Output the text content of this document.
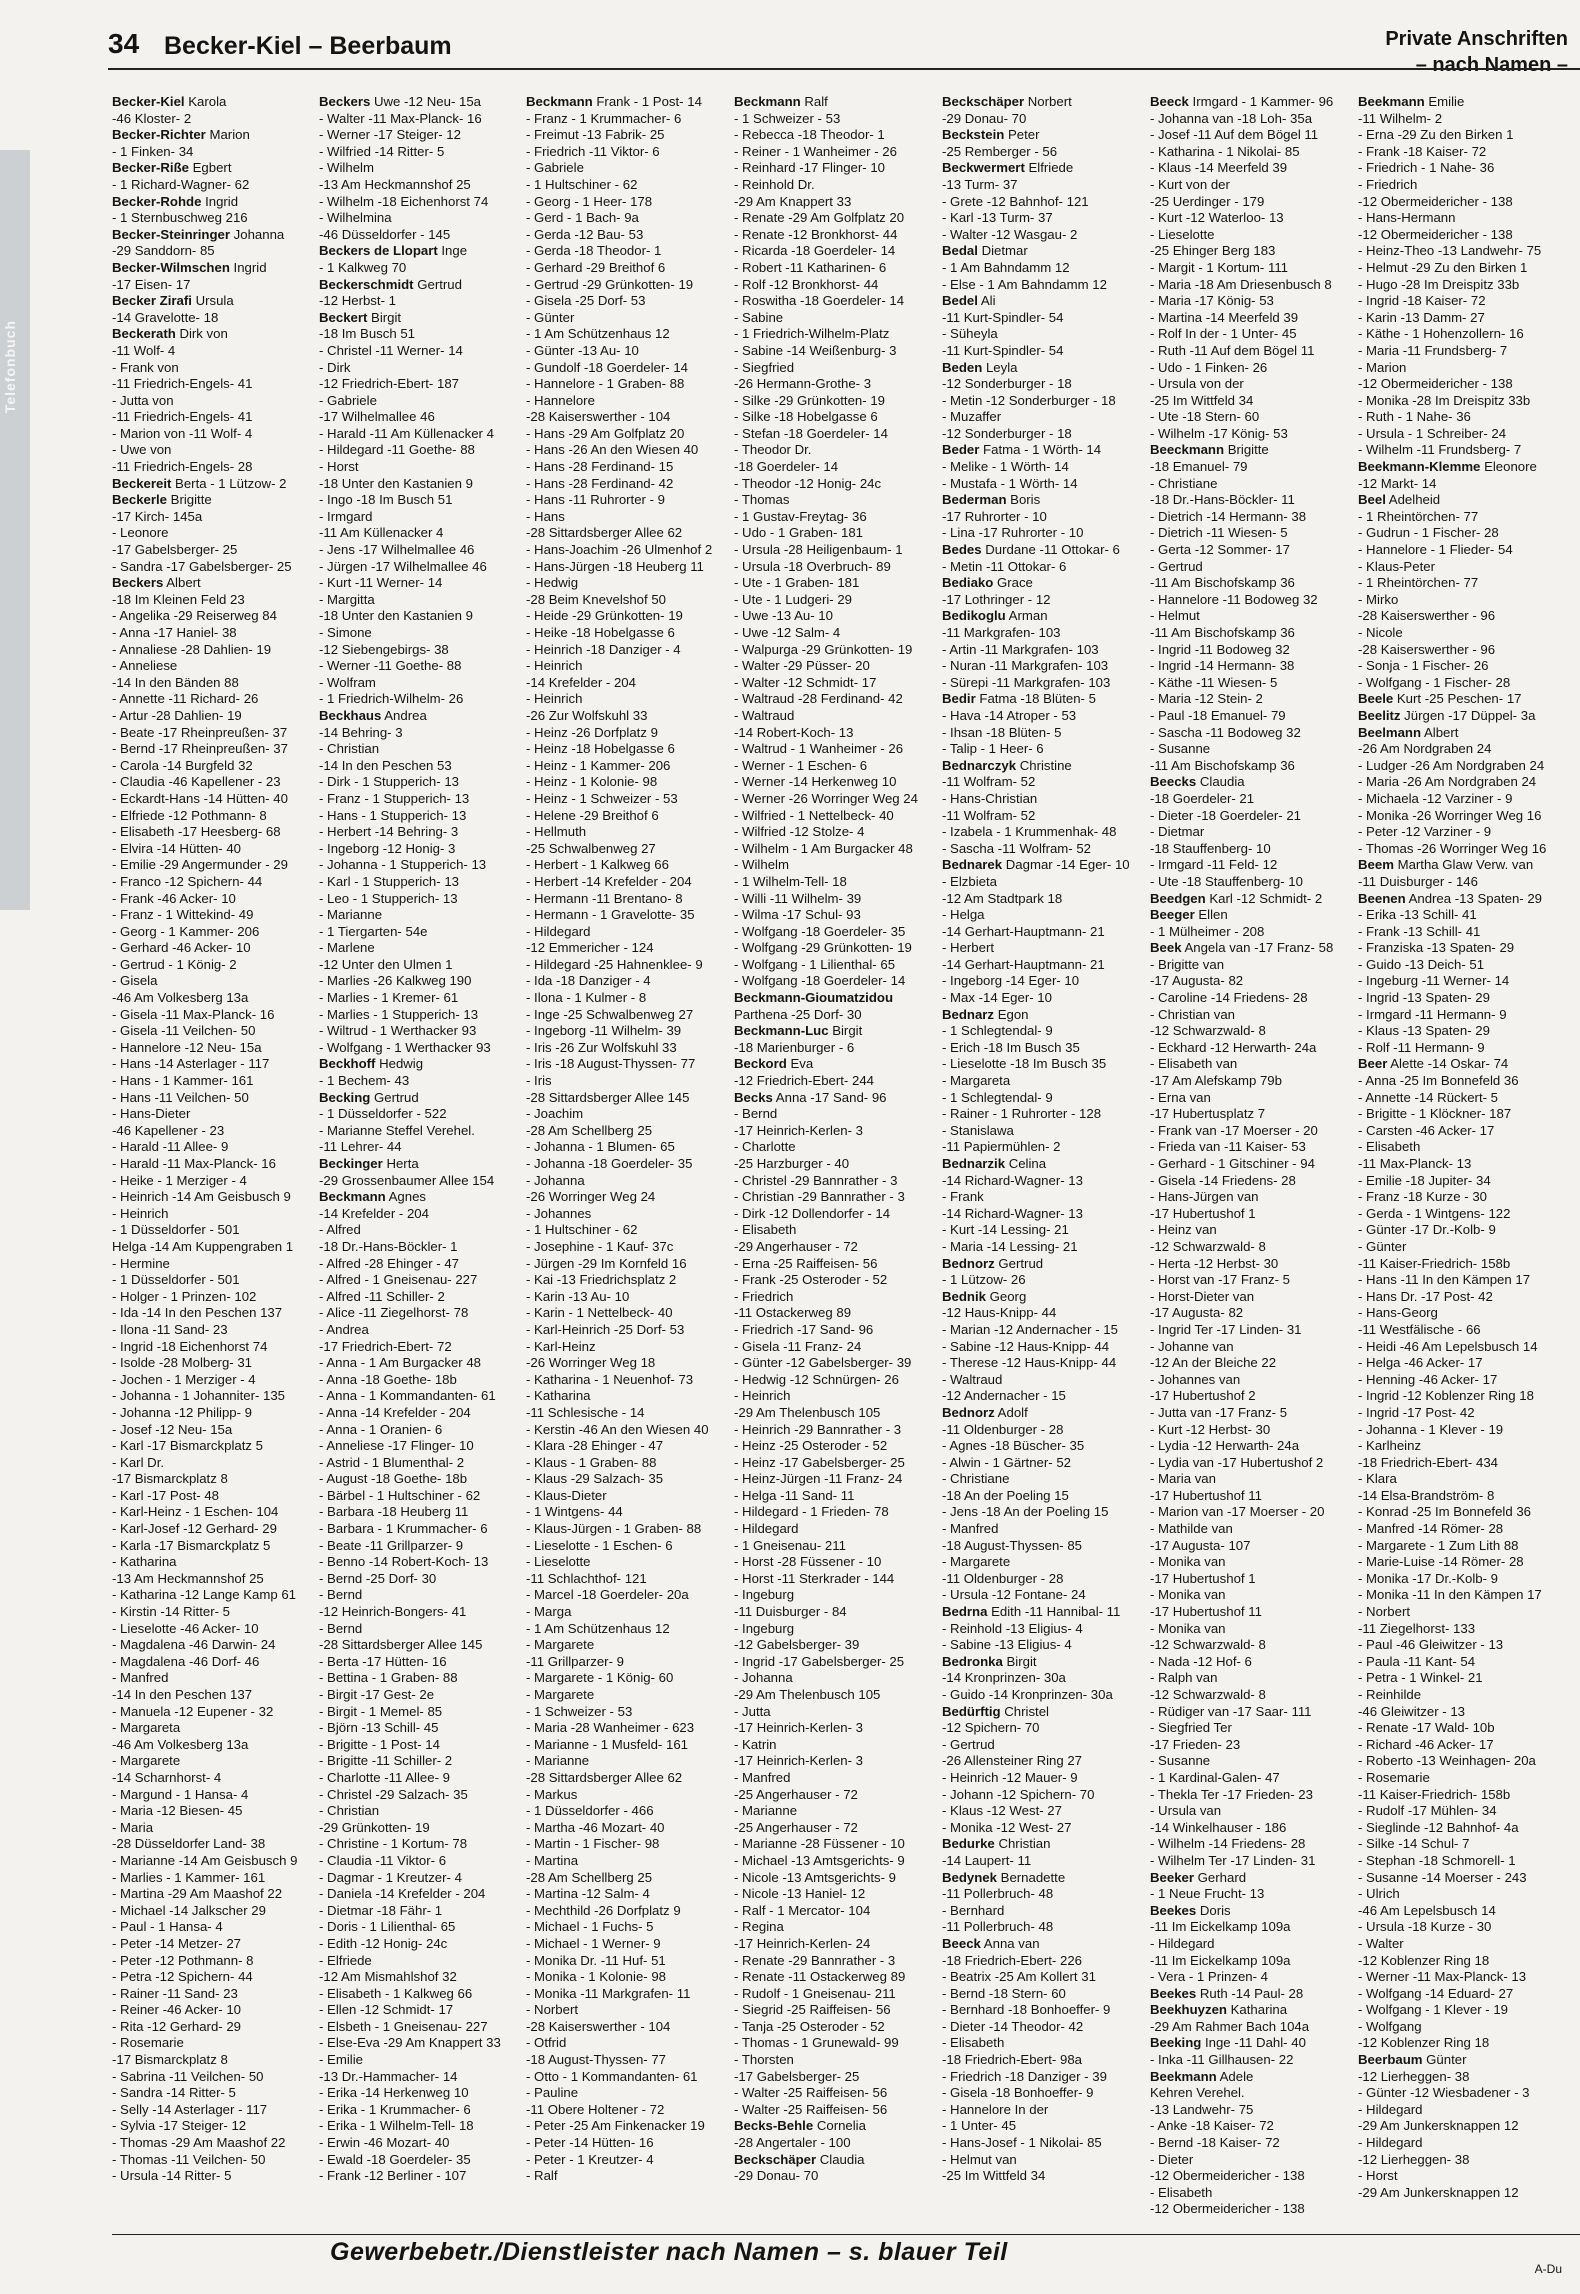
Telefonbuch
34 Becker-Kiel – Beerbaum	Private Anschriften
– nach Namen –
Becker-Kiel Karola
-46 Kloster- 2
Becker-Richter Marion
- 1 Finken- 34
Becker-Riße Egbert
- 1 Richard-Wagner- 62
Becker-Rohde Ingrid
- 1 Sternbuschweg 216
Becker-Steinringer Johanna
-29 Sanddorn- 85
Becker-Wilmschen Ingrid
-17 Eisen- 17
Becker Zirafi Ursula
-14 Gravelotte- 18
Beckerath Dirk von
-11 Wolf- 4
- Frank von
-11 Friedrich-Engels- 41
- Jutta von
-11 Friedrich-Engels- 41
- Marion von -11 Wolf- 4
- Uwe von
-11 Friedrich-Engels- 28
Beckereit Berta - 1 Lützow- 2
Beckerle Brigitte
-17 Kirch- 145a
- Leonore
-17 Gabelsberger- 25
- Sandra -17 Gabelsberger- 25
Beckers Albert
-18 Im Kleinen Feld 23
- Angelika -29 Reiserweg 84
- Anna -17 Haniel- 38
- Annaliese -28 Dahlien- 19
- Anneliese
-14 In den Bänden 88
- Annette -11 Richard- 26
- Artur -28 Dahlien- 19
- Beate -17 Rheinpreußen- 37
- Bernd -17 Rheinpreußen- 37
- Carola -14 Burgfeld 32
- Claudia -46 Kapellener - 23
- Eckardt-Hans -14 Hütten- 40
- Elfriede -12 Pothmann- 8
- Elisabeth -17 Heesberg- 68
- Elvira -14 Hütten- 40
- Emilie -29 Angermunder - 29
- Franco -12 Spichern- 44
- Frank -46 Acker- 10
- Franz - 1 Wittekind- 49
- Georg - 1 Kammer- 206
- Gerhard -46 Acker- 10
- Gertrud - 1 König- 2
- Gisela
-46 Am Volkesberg 13a
- Gisela -11 Max-Planck- 16
- Gisela -11 Veilchen- 50
- Hannelore -12 Neu- 15a
- Hans -14 Asterlager - 117
- Hans - 1 Kammer- 161
- Hans -11 Veilchen- 50
- Hans-Dieter
-46 Kapellener - 23
- Harald -11 Allee- 9
- Harald -11 Max-Planck- 16
- Heike - 1 Merziger - 4
- Heinrich -14 Am Geisbusch 9
- Heinrich
- 1 Düsseldorfer - 501
Helga -14 Am Kuppengraben 1
- Hermine
- 1 Düsseldorfer - 501
- Holger - 1 Prinzen- 102
- Ida -14 In den Peschen 137
- Ilona -11 Sand- 23
- Ingrid -18 Eichenhorst 74
- Isolde -28 Molberg- 31
- Jochen - 1 Merziger - 4
- Johanna - 1 Johanniter- 135
- Johanna -12 Philipp- 9
- Josef -12 Neu- 15a
- Karl -17 Bismarckplatz 5
- Karl Dr.
-17 Bismarckplatz 8
- Karl -17 Post- 48
- Karl-Heinz - 1 Eschen- 104
- Karl-Josef -12 Gerhard- 29
- Karla -17 Bismarckplatz 5
- Katharina
-13 Am Heckmannshof 25
- Katharina -12 Lange Kamp 61
- Kirstin -14 Ritter- 5
- Lieselotte -46 Acker- 10
- Magdalena -46 Darwin- 24
- Magdalena -46 Dorf- 46
- Manfred
-14 In den Peschen 137
- Manuela -12 Eupener - 32
- Margareta
-46 Am Volkesberg 13a
- Margarete
-14 Scharnhorst- 4
- Margund - 1 Hansa- 4
- Maria -12 Biesen- 45
- Maria
-28 Düsseldorfer Land- 38
- Marianne -14 Am Geisbusch 9
- Marlies - 1 Kammer- 161
- Martina -29 Am Maashof 22
- Michael -14 Jalkscher 29
- Paul - 1 Hansa- 4
- Peter -14 Metzer- 27
- Peter -12 Pothmann- 8
- Petra -12 Spichern- 44
- Rainer -11 Sand- 23
- Reiner -46 Acker- 10
- Rita -12 Gerhard- 29
- Rosemarie
-17 Bismarckplatz 8
- Sabrina -11 Veilchen- 50
- Sandra -14 Ritter- 5
- Selly -14 Asterlager - 117
- Sylvia -17 Steiger- 12
- Thomas -29 Am Maashof 22
- Thomas -11 Veilchen- 50
- Ursula -14 Ritter- 5
Beckers Uwe -12 Neu- 15a
- Walter -11 Max-Planck- 16
- Werner -17 Steiger- 12
- Wilfried -14 Ritter- 5
- Wilhelm
-13 Am Heckmannshof 25
- Wilhelm -18 Eichenhorst 74
- Wilhelmina
-46 Düsseldorfer - 145
Beckers de Llopart Inge
- 1 Kalkweg 70
Beckerschmidt Gertrud
-12 Herbst- 1
Beckert Birgit
-18 Im Busch 51
- Christel -11 Werner- 14
- Dirk
-12 Friedrich-Ebert- 187
- Gabriele
-17 Wilhelmallee 46
- Harald -11 Am Küllenacker 4
- Hildegard -11 Goethe- 88
- Horst
-18 Unter den Kastanien 9
- Ingo -18 Im Busch 51
- Irmgard
-11 Am Küllenacker 4
- Jens -17 Wilhelmallee 46
- Jürgen -17 Wilhelmallee 46
- Kurt -11 Werner- 14
- Margitta
-18 Unter den Kastanien 9
- Simone
-12 Siebengebirgs- 38
- Werner -11 Goethe- 88
- Wolfram
- 1 Friedrich-Wilhelm- 26
Beckhaus Andrea
-14 Behring- 3
- Christian
-14 In den Peschen 53
- Dirk - 1 Stupperich- 13
- Franz - 1 Stupperich- 13
- Hans - 1 Stupperich- 13
- Herbert -14 Behring- 3
- Ingeborg -12 Honig- 3
- Johanna - 1 Stupperich- 13
- Karl - 1 Stupperich- 13
- Leo - 1 Stupperich- 13
- Marianne
- 1 Tiergarten- 54e
- Marlene
-12 Unter den Ulmen 1
- Marlies -26 Kalkweg 190
- Marlies - 1 Kremer- 61
- Marlies - 1 Stupperich- 13
- Wiltrud - 1 Werthacker 93
- Wolfgang - 1 Werthacker 93
Beckhoff Hedwig
- 1 Bechem- 43
Becking Gertrud
- 1 Düsseldorfer - 522
- Marianne Steffel Verehel.
-11 Lehrer- 44
Beckinger Herta
-29 Grossenbaumer Allee 154
Beckmann Agnes
-14 Krefelder - 204
- Alfred
-18 Dr.-Hans-Böckler- 1
- Alfred -28 Ehinger - 47
- Alfred - 1 Gneisenau- 227
- Alfred -11 Schiller- 2
- Alice -11 Ziegelhorst- 78
- Andrea
-17 Friedrich-Ebert- 72
- Anna - 1 Am Burgacker 48
- Anna -18 Goethe- 18b
- Anna - 1 Kommandanten- 61
- Anna -14 Krefelder - 204
- Anna - 1 Oranien- 6
- Anneliese -17 Flinger- 10
- Astrid - 1 Blumenthal- 2
- August -18 Goethe- 18b
- Bärbel - 1 Hultschiner - 62
- Barbara -18 Heuberg 11
- Barbara - 1 Krummacher- 6
- Beate -11 Grillparzer- 9
- Benno -14 Robert-Koch- 13
- Bernd -25 Dorf- 30
- Bernd
-12 Heinrich-Bongers- 41
- Bernd
-28 Sittardsberger Allee 145
- Berta -17 Hütten- 16
- Bettina - 1 Graben- 88
- Birgit -17 Gest- 2e
- Birgit - 1 Memel- 85
- Björn -13 Schill- 45
- Brigitte - 1 Post- 14
- Brigitte -11 Schiller- 2
- Charlotte -11 Allee- 9
- Christel -29 Salzach- 35
- Christian
-29 Grünkotten- 19
- Christine - 1 Kortum- 78
- Claudia -11 Viktor- 6
- Dagmar - 1 Kreutzer- 4
- Daniela -14 Krefelder - 204
- Dietmar -18 Fähr- 1
- Doris - 1 Lilienthal- 65
- Edith -12 Honig- 24c
- Elfriede
-12 Am Mismahlshof 32
- Elisabeth - 1 Kalkweg 66
- Ellen -12 Schmidt- 17
- Elsbeth - 1 Gneisenau- 227
- Else-Eva -29 Am Knappert 33
- Emilie
-13 Dr.-Hammacher- 14
- Erika -14 Herkenweg 10
- Erika - 1 Krummacher- 6
- Erika - 1 Wilhelm-Tell- 18
- Erwin -46 Mozart- 40
- Ewald -18 Goerdeler- 35
- Frank -12 Berliner - 107
Beckmann Frank - 1 Post- 14
- Franz - 1 Krummacher- 6
- Freimut -13 Fabrik- 25
- Friedrich -11 Viktor- 6
- Gabriele
- 1 Hultschiner - 62
- Georg - 1 Heer- 178
- Gerd - 1 Bach- 9a
- Gerda -12 Bau- 53
- Gerda -18 Theodor- 1
- Gerhard -29 Breithof 6
- Gertrud -29 Grünkotten- 19
- Gisela -25 Dorf- 53
- Günter
- 1 Am Schützenhaus 12
- Günter -13 Au- 10
- Gundolf -18 Goerdeler- 14
- Hannelore - 1 Graben- 88
- Hannelore
-28 Kaiserswerther - 104
- Hans -29 Am Golfplatz 20
- Hans -26 An den Wiesen 40
- Hans -28 Ferdinand- 15
- Hans -28 Ferdinand- 42
- Hans -11 Ruhrorter - 9
- Hans
-28 Sittardsberger Allee 62
- Hans-Joachim -26 Ulmenhof 2
- Hans-Jürgen -18 Heuberg 11
- Hedwig
-28 Beim Knevelshof 50
- Heide -29 Grünkotten- 19
- Heike -18 Hobelgasse 6
- Heinrich -18 Danziger - 4
- Heinrich
-14 Krefelder - 204
- Heinrich
-26 Zur Wolfskuhl 33
- Heinz -26 Dorfplatz 9
- Heinz -18 Hobelgasse 6
- Heinz - 1 Kammer- 206
- Heinz - 1 Kolonie- 98
- Heinz - 1 Schweizer - 53
- Helene -29 Breithof 6
- Hellmuth
-25 Schwalbenweg 27
- Herbert - 1 Kalkweg 66
- Herbert -14 Krefelder - 204
- Hermann -11 Brentano- 8
- Hermann - 1 Gravelotte- 35
- Hildegard
-12 Emmericher - 124
- Hildegard -25 Hahnenklee- 9
- Ida -18 Danziger - 4
- Ilona - 1 Kulmer - 8
- Inge -25 Schwalbenweg 27
- Ingeborg -11 Wilhelm- 39
- Iris -26 Zur Wolfskuhl 33
- Iris -18 August-Thyssen- 77
- Iris
-28 Sittardsberger Allee 145
- Joachim
-28 Am Schellberg 25
- Johanna - 1 Blumen- 65
- Johanna -18 Goerdeler- 35
- Johanna
-26 Worringer Weg 24
- Johannes
- 1 Hultschiner - 62
- Josephine - 1 Kauf- 37c
- Jürgen -29 Im Kornfeld 16
- Kai -13 Friedrichsplatz 2
- Karin -13 Au- 10
- Karin - 1 Nettelbeck- 40
- Karl-Heinrich -25 Dorf- 53
- Karl-Heinz
-26 Worringer Weg 18
- Katharina - 1 Neuenhof- 73
- Katharina
-11 Schlesische - 14
- Kerstin -46 An den Wiesen 40
- Klara -28 Ehinger - 47
- Klaus - 1 Graben- 88
- Klaus -29 Salzach- 35
- Klaus-Dieter
- 1 Wintgens- 44
- Klaus-Jürgen - 1 Graben- 88
- Lieselotte - 1 Eschen- 6
- Lieselotte
-11 Schlachthof- 121
- Marcel -18 Goerdeler- 20a
- Marga
- 1 Am Schützenhaus 12
- Margarete
-11 Grillparzer- 9
- Margarete - 1 König- 60
- Margarete
- 1 Schweizer - 53
- Maria -28 Wanheimer - 623
- Marianne - 1 Musfeld- 161
- Marianne
-28 Sittardsberger Allee 62
- Markus
- 1 Düsseldorfer - 466
- Martha -46 Mozart- 40
- Martin - 1 Fischer- 98
- Martina
-28 Am Schellberg 25
- Martina -12 Salm- 4
- Mechthild -26 Dorfplatz 9
- Michael - 1 Fuchs- 5
- Michael - 1 Werner- 9
- Monika Dr. -11 Huf- 51
- Monika - 1 Kolonie- 98
- Monika -11 Markgrafen- 11
- Norbert
-28 Kaiserswerther - 104
- Otfrid
-18 August-Thyssen- 77
- Otto - 1 Kommandanten- 61
- Pauline
-11 Obere Holtener - 72
- Peter -25 Am Finkenacker 19
- Peter -14 Hütten- 16
- Peter - 1 Kreutzer- 4
- Ralf
Beckmann Ralf
- 1 Schweizer - 53
- Rebecca -18 Theodor- 1
- Reiner - 1 Wanheimer - 26
- Reinhard -17 Flinger- 10
- Reinhold Dr.
-29 Am Knappert 33
- Renate -29 Am Golfplatz 20
- Renate -12 Bronkhorst- 44
- Ricarda -18 Goerdeler- 14
- Robert -11 Katharinen- 6
- Rolf -12 Bronkhorst- 44
- Roswitha -18 Goerdeler- 14
- Sabine
- 1 Friedrich-Wilhelm-Platz
- Sabine -14 Weißenburg- 3
- Siegfried
-26 Hermann-Grothe- 3
- Silke -29 Grünkotten- 19
- Silke -18 Hobelgasse 6
- Stefan -18 Goerdeler- 14
- Theodor Dr.
-18 Goerdeler- 14
- Theodor -12 Honig- 24c
- Thomas
- 1 Gustav-Freytag- 36
- Udo - 1 Graben- 181
- Ursula -28 Heiligenbaum- 1
- Ursula -18 Overbruch- 89
- Ute - 1 Graben- 181
- Ute - 1 Ludgeri- 29
- Uwe -13 Au- 10
- Uwe -12 Salm- 4
- Walpurga -29 Grünkotten- 19
- Walter -29 Püsser- 20
- Walter -12 Schmidt- 17
- Waltraud -28 Ferdinand- 42
- Waltraud
-14 Robert-Koch- 13
- Waltrud - 1 Wanheimer - 26
- Werner - 1 Eschen- 6
- Werner -14 Herkenweg 10
- Werner -26 Worringer Weg 24
- Wilfried - 1 Nettelbeck- 40
- Wilfried -12 Stolze- 4
- Wilhelm - 1 Am Burgacker 48
- Wilhelm
- 1 Wilhelm-Tell- 18
- Willi -11 Wilhelm- 39
- Wilma -17 Schul- 93
- Wolfgang -18 Goerdeler- 35
- Wolfgang -29 Grünkotten- 19
- Wolfgang - 1 Lilienthal- 65
- Wolfgang -18 Goerdeler- 14
Beckmann-Gioumatzidou
Parthena -25 Dorf- 30
Beckmann-Luc Birgit
-18 Marienburger - 6
Beckord Eva
-12 Friedrich-Ebert- 244
Becks Anna -17 Sand- 96
- Bernd
-17 Heinrich-Kerlen- 3
- Charlotte
-25 Harzburger - 40
- Christel -29 Bannrather - 3
- Christian -29 Bannrather - 3
- Dirk -12 Dollendorfer - 14
- Elisabeth
-29 Angerhauser - 72
- Erna -25 Raiffeisen- 56
- Frank -25 Osteroder - 52
- Friedrich
-11 Ostackerweg 89
- Friedrich -17 Sand- 96
- Gisela -11 Franz- 24
- Günter -12 Gabelsberger- 39
- Hedwig -12 Schnürgen- 26
- Heinrich
-29 Am Thelenbusch 105
- Heinrich -29 Bannrather - 3
- Heinz -25 Osteroder - 52
- Heinz -17 Gabelsberger- 25
- Heinz-Jürgen -11 Franz- 24
- Helga -11 Sand- 11
- Hildegard - 1 Frieden- 78
- Hildegard
- 1 Gneisenau- 211
- Horst -28 Füssener - 10
- Horst -11 Sterkrader - 144
- Ingeburg
-11 Duisburger - 84
- Ingeburg
-12 Gabelsberger- 39
- Ingrid -17 Gabelsberger- 25
- Johanna
-29 Am Thelenbusch 105
- Jutta
-17 Heinrich-Kerlen- 3
- Katrin
-17 Heinrich-Kerlen- 3
- Manfred
-25 Angerhauser - 72
- Marianne
-25 Angerhauser - 72
- Marianne -28 Füssener - 10
- Michael -13 Amtsgerichts- 9
- Nicole -13 Amtsgerichts- 9
- Nicole -13 Haniel- 12
- Ralf - 1 Mercator- 104
- Regina
-17 Heinrich-Kerlen- 24
- Renate -29 Bannrather - 3
- Renate -11 Ostackerweg 89
- Rudolf - 1 Gneisenau- 211
- Siegrid -25 Raiffeisen- 56
- Tanja -25 Osteroder - 52
- Thomas - 1 Grunewald- 99
- Thorsten
-17 Gabelsberger- 25
- Walter -25 Raiffeisen- 56
- Walter -25 Raiffeisen- 56
Becks-Behle Cornelia
-28 Angertaler - 100
Beckschäper Claudia
-29 Donau- 70
Beckschäper Norbert
-29 Donau- 70
Beckstein Peter
-25 Remberger - 56
Beckwermert Elfriede
-13 Turm- 37
- Grete -12 Bahnhof- 121
- Karl -13 Turm- 37
- Walter -12 Wasgau- 2
Bedal Dietmar
- 1 Am Bahndamm 12
- Else - 1 Am Bahndamm 12
Bedel Ali
-11 Kurt-Spindler- 54
- Süheyla
-11 Kurt-Spindler- 54
Beden Leyla
-12 Sonderburger - 18
- Metin -12 Sonderburger - 18
- Muzaffer
-12 Sonderburger - 18
Beder Fatma - 1 Wörth- 14
- Melike - 1 Wörth- 14
- Mustafa - 1 Wörth- 14
Bederman Boris
-17 Ruhrorter - 10
- Lina -17 Ruhrorter - 10
Bedes Durdane -11 Ottokar- 6
- Metin -11 Ottokar- 6
Bediako Grace
-17 Lothringer - 12
Bedikoglu Arman
-11 Markgrafen- 103
- Artin -11 Markgrafen- 103
- Nuran -11 Markgrafen- 103
- Sürepi -11 Markgrafen- 103
Bedir Fatma -18 Blüten- 5
- Hava -14 Atroper - 53
- Ihsan -18 Blüten- 5
- Talip - 1 Heer- 6
Bednarczyk Christine
-11 Wolfram- 52
- Hans-Christian
-11 Wolfram- 52
- Izabela - 1 Krummenhak- 48
- Sascha -11 Wolfram- 52
Bednarek Dagmar -14 Eger- 10
- Elzbieta
-12 Am Stadtpark 18
- Helga
-14 Gerhart-Hauptmann- 21
- Herbert
-14 Gerhart-Hauptmann- 21
- Ingeborg -14 Eger- 10
- Max -14 Eger- 10
Bednarz Egon
- 1 Schlegtendal- 9
- Erich -18 Im Busch 35
- Lieselotte -18 Im Busch 35
- Margareta
- 1 Schlegtendal- 9
- Rainer - 1 Ruhrorter - 128
- Stanislawa
-11 Papiermühlen- 2
Bednarzik Celina
-14 Richard-Wagner- 13
- Frank
-14 Richard-Wagner- 13
- Kurt -14 Lessing- 21
- Maria -14 Lessing- 21
Bednorz Gertrud
- 1 Lützow- 26
Bednik Georg
-12 Haus-Knipp- 44
- Marian -12 Andernacher - 15
- Sabine -12 Haus-Knipp- 44
- Therese -12 Haus-Knipp- 44
- Waltraud
-12 Andernacher - 15
Bednorz Adolf
-11 Oldenburger - 28
- Agnes -18 Büscher- 35
- Alwin - 1 Gärtner- 52
- Christiane
-18 An der Poeling 15
- Jens -18 An der Poeling 15
- Manfred
-18 August-Thyssen- 85
- Margarete
-11 Oldenburger - 28
- Ursula -12 Fontane- 24
Bedrna Edith -11 Hannibal- 11
- Reinhold -13 Eligius- 4
- Sabine -13 Eligius- 4
Bedronka Birgit
-14 Kronprinzen- 30a
- Guido -14 Kronprinzen- 30a
Bedürftig Christel
-12 Spichern- 70
- Gertrud
-26 Allensteiner Ring 27
- Heinrich -12 Mauer- 9
- Johann -12 Spichern- 70
- Klaus -12 West- 27
- Monika -12 West- 27
Bedurke Christian
-14 Laupert- 11
Bedynek Bernadette
-11 Pollerbruch- 48
- Bernhard
-11 Pollerbruch- 48
Beeck Anna van
-18 Friedrich-Ebert- 226
- Beatrix -25 Am Kollert 31
- Bernd -18 Stern- 60
- Bernhard -18 Bonhoeffer- 9
- Dieter -14 Theodor- 42
- Elisabeth
-18 Friedrich-Ebert- 98a
- Friedrich -18 Danziger - 39
- Gisela -18 Bonhoeffer- 9
- Hannelore In der
- 1 Unter- 45
- Hans-Josef - 1 Nikolai- 85
- Helmut van
-25 Im Wittfeld 34
Beeck Irmgard - 1 Kammer- 96
- Johanna van -18 Loh- 35a
- Josef -11 Auf dem Bögel 11
- Katharina - 1 Nikolai- 85
- Klaus -14 Meerfeld 39
- Kurt von der
-25 Uerdinger - 179
- Kurt -12 Waterloo- 13
- Lieselotte
-25 Ehinger Berg 183
- Margit - 1 Kortum- 111
- Maria -18 Am Driesenbusch 8
- Maria -17 König- 53
- Martina -14 Meerfeld 39
- Rolf In der - 1 Unter- 45
- Ruth -11 Auf dem Bögel 11
- Udo - 1 Finken- 26
- Ursula von der
-25 Im Wittfeld 34
- Ute -18 Stern- 60
- Wilhelm -17 König- 53
Beeckmann Brigitte
-18 Emanuel- 79
- Christiane
-18 Dr.-Hans-Böckler- 11
- Dietrich -14 Hermann- 38
- Dietrich -11 Wiesen- 5
- Gerta -12 Sommer- 17
- Gertrud
-11 Am Bischofskamp 36
- Hannelore -11 Bodoweg 32
- Helmut
-11 Am Bischofskamp 36
- Ingrid -11 Bodoweg 32
- Ingrid -14 Hermann- 38
- Käthe -11 Wiesen- 5
- Maria -12 Stein- 2
- Paul -18 Emanuel- 79
- Sascha -11 Bodoweg 32
- Susanne
-11 Am Bischofskamp 36
Beecks Claudia
-18 Goerdeler- 21
- Dieter -18 Goerdeler- 21
- Dietmar
-18 Stauffenberg- 10
- Irmgard -11 Feld- 12
- Ute -18 Stauffenberg- 10
Beedgen Karl -12 Schmidt- 2
Beeger Ellen
- 1 Mülheimer - 208
Beek Angela van -17 Franz- 58
- Brigitte van
-17 Augusta- 82
- Caroline -14 Friedens- 28
- Christian van
-12 Schwarzwald- 8
- Eckhard -12 Herwarth- 24a
- Elisabeth van
-17 Am Alefskamp 79b
- Erna van
-17 Hubertusplatz 7
- Frank van -17 Moerser - 20
- Frieda van -11 Kaiser- 53
- Gerhard - 1 Gitschiner - 94
- Gisela -14 Friedens- 28
- Hans-Jürgen van
-17 Hubertushof 1
- Heinz van
-12 Schwarzwald- 8
- Herta -12 Herbst- 30
- Horst van -17 Franz- 5
- Horst-Dieter van
-17 Augusta- 82
- Ingrid Ter -17 Linden- 31
- Johanne van
-12 An der Bleiche 22
- Johannes van
-17 Hubertushof 2
- Jutta van -17 Franz- 5
- Kurt -12 Herbst- 30
- Lydia -12 Herwarth- 24a
- Lydia van -17 Hubertushof 2
- Maria van
-17 Hubertushof 11
- Marion van -17 Moerser - 20
- Mathilde van
-17 Augusta- 107
- Monika van
-17 Hubertushof 1
- Monika van
-17 Hubertushof 11
- Monika van
-12 Schwarzwald- 8
- Nada -12 Hof- 6
- Ralph van
-12 Schwarzwald- 8
- Rüdiger van -17 Saar- 111
- Siegfried Ter
-17 Frieden- 23
- Susanne
- 1 Kardinal-Galen- 47
- Thekla Ter -17 Frieden- 23
- Ursula van
-14 Winkelhauser - 186
- Wilhelm -14 Friedens- 28
- Wilhelm Ter -17 Linden- 31
Beeker Gerhard
- 1 Neue Frucht- 13
Beekes Doris
-11 Im Eickelkamp 109a
- Hildegard
-11 Im Eickelkamp 109a
- Vera - 1 Prinzen- 4
Beekes Ruth -14 Paul- 28
Beekhuyzen Katharina
-29 Am Rahmer Bach 104a
Beeking Inge -11 Dahl- 40
- Inka -11 Gillhausen- 22
Beekmann Adele
Kehren Verehel.
-13 Landwehr- 75
- Anke -18 Kaiser- 72
- Bernd -18 Kaiser- 72
- Dieter
-12 Obermeidericher - 138
- Elisabeth
-12 Obermeidericher - 138
Beekmann Emilie
-11 Wilhelm- 2
- Erna -29 Zu den Birken 1
- Frank -18 Kaiser- 72
- Friedrich - 1 Nahe- 36
- Friedrich
-12 Obermeidericher - 138
- Hans-Hermann
-12 Obermeidericher - 138
- Heinz-Theo -13 Landwehr- 75
- Helmut -29 Zu den Birken 1
- Hugo -28 Im Dreispitz 33b
- Ingrid -18 Kaiser- 72
- Karin -13 Damm- 27
- Käthe - 1 Hohenzollern- 16
- Maria -11 Frundsberg- 7
- Marion
-12 Obermeidericher - 138
- Monika -28 Im Dreispitz 33b
- Ruth - 1 Nahe- 36
- Ursula - 1 Schreiber- 24
- Wilhelm -11 Frundsberg- 7
Beekmann-Klemme Eleonore
-12 Markt- 14
Beel Adelheid
- 1 Rheintörchen- 77
- Gudrun - 1 Fischer- 28
- Hannelore - 1 Flieder- 54
- Klaus-Peter
- 1 Rheintörchen- 77
- Mirko
-28 Kaiserswerther - 96
- Nicole
-28 Kaiserswerther - 96
- Sonja - 1 Fischer- 26
- Wolfgang - 1 Fischer- 28
Beele Kurt -25 Peschen- 17
Beelitz Jürgen -17 Düppel- 3a
Beelmann Albert
-26 Am Nordgraben 24
- Ludger -26 Am Nordgraben 24
- Maria -26 Am Nordgraben 24
- Michaela -12 Varziner - 9
- Monika -26 Worringer Weg 16
- Peter -12 Varziner - 9
- Thomas -26 Worringer Weg 16
Beem Martha Glaw Verw. van
-11 Duisburger - 146
Beenen Andrea -13 Spaten- 29
- Erika -13 Schill- 41
- Frank -13 Schill- 41
- Franziska -13 Spaten- 29
- Guido -13 Deich- 51
- Ingeburg -11 Werner- 14
- Ingrid -13 Spaten- 29
- Irmgard -11 Hermann- 9
- Klaus -13 Spaten- 29
- Rolf -11 Hermann- 9
Beer Alette -14 Oskar- 74
- Anna -25 Im Bonnefeld 36
- Annette -14 Rückert- 5
- Brigitte - 1 Klöckner- 187
- Carsten -46 Acker- 17
- Elisabeth
-11 Max-Planck- 13
- Emilie -18 Jupiter- 34
- Franz -18 Kurze - 30
- Gerda - 1 Wintgens- 122
- Günter -17 Dr.-Kolb- 9
- Günter
-11 Kaiser-Friedrich- 158b
- Hans -11 In den Kämpen 17
- Hans Dr. -17 Post- 42
- Hans-Georg
-11 Westfälische - 66
- Heidi -46 Am Lepelsbusch 14
- Helga -46 Acker- 17
- Henning -46 Acker- 17
- Ingrid -12 Koblenzer Ring 18
- Ingrid -17 Post- 42
- Johanna - 1 Klever - 19
- Karlheinz
-18 Friedrich-Ebert- 434
- Klara
-14 Elsa-Brandström- 8
- Konrad -25 Im Bonnefeld 36
- Manfred -14 Römer- 28
- Margarete - 1 Zum Lith 88
- Marie-Luise -14 Römer- 28
- Monika -17 Dr.-Kolb- 9
- Monika -11 In den Kämpen 17
- Norbert
-11 Ziegelhorst- 133
- Paul -46 Gleiwitzer - 13
- Paula -11 Kant- 54
- Petra - 1 Winkel- 21
- Reinhilde
-46 Gleiwitzer - 13
- Renate -17 Wald- 10b
- Richard -46 Acker- 17
- Roberto -13 Weinhagen- 20a
- Rosemarie
-11 Kaiser-Friedrich- 158b
- Rudolf -17 Mühlen- 34
- Sieglinde -12 Bahnhof- 4a
- Silke -14 Schul- 7
- Stephan -18 Schmorell- 1
- Susanne -14 Moerser - 243
- Ulrich
-46 Am Lepelsbusch 14
- Ursula -18 Kurze - 30
- Walter
-12 Koblenzer Ring 18
- Werner -11 Max-Planck- 13
- Wolfgang -14 Eduard- 27
- Wolfgang - 1 Klever - 19
- Wolfgang
-12 Koblenzer Ring 18
Beerbaum Günter
-12 Lierheggen- 38
- Günter -12 Wiesbadener - 3
- Hildegard
-29 Am Junkersknappen 12
- Hildegard
-12 Lierheggen- 38
- Horst
-29 Am Junkersknappen 12
Gewerbebetr./Dienstleister nach Namen – s. blauer Teil
A-Du
